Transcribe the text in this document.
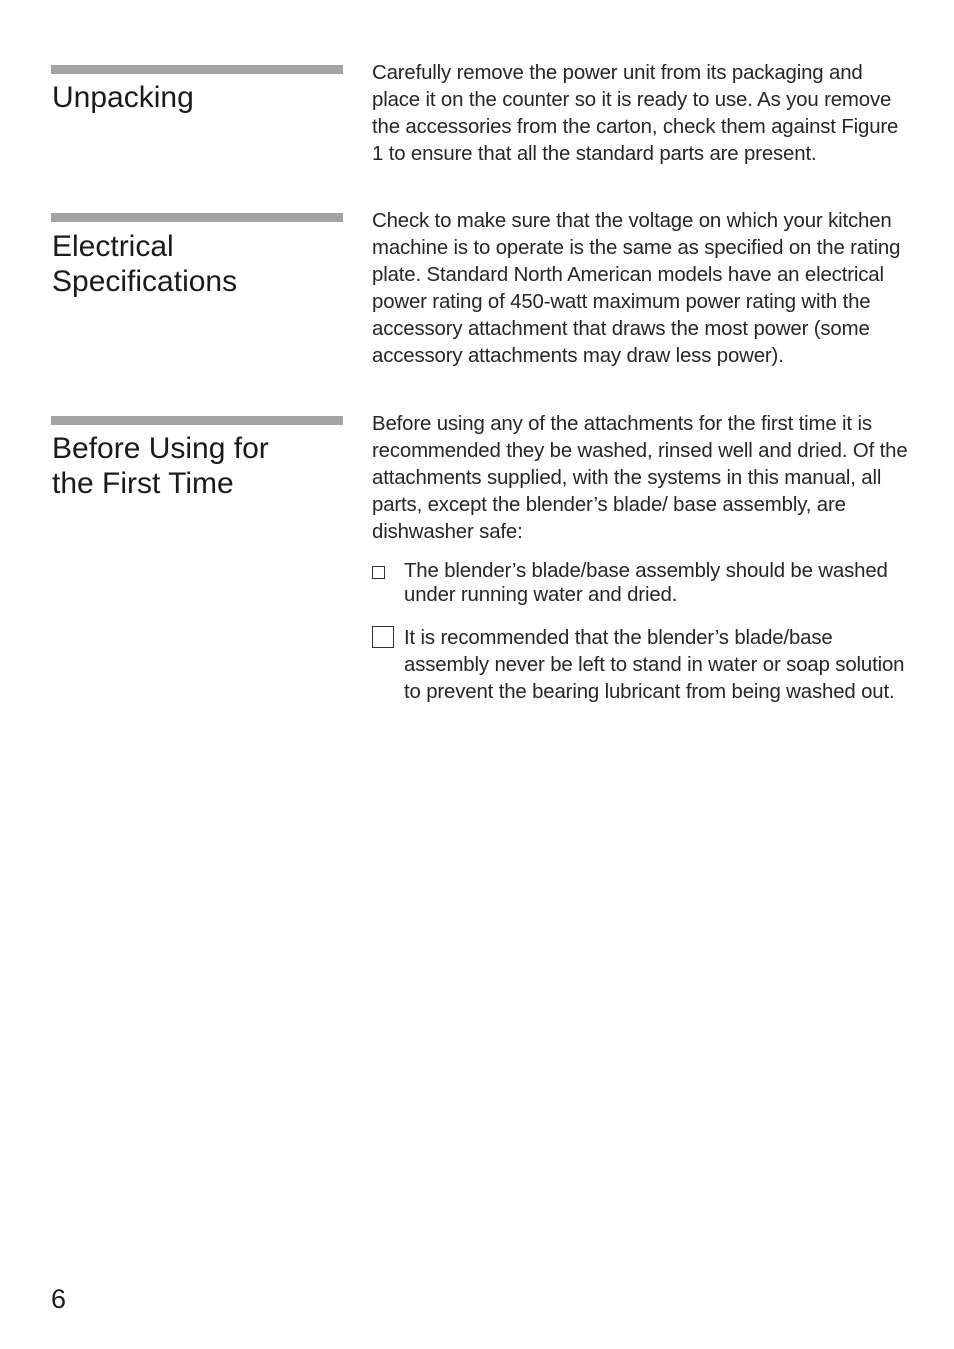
Unpacking

Carefully remove the power unit from its packaging and place it on the counter so it is ready to use. As you remove the accessories from the carton, check them against Figure 1 to ensure that all the standard parts are present.

Electrical
Specifications

Check to make sure that the voltage on which your kitchen machine is to operate is the same as specified on the rating plate. Standard North American models have an electrical power rating of 450-watt maximum power rating with the accessory attachment that draws the most power (some accessory attachments may draw less power).

Before Using for
the First Time

Before using any of the attachments for the first time it is recommended they be washed, rinsed well and dried. Of the attachments supplied, with the systems in this manual, all parts, except the blender’s blade/ base assembly, are dishwasher safe:

The blender’s blade/base assembly should be washed under running water and dried.

It is recommended that the blender’s blade/base assembly never be left to stand in water or soap solution to prevent the bearing lubricant from being washed out.

6
